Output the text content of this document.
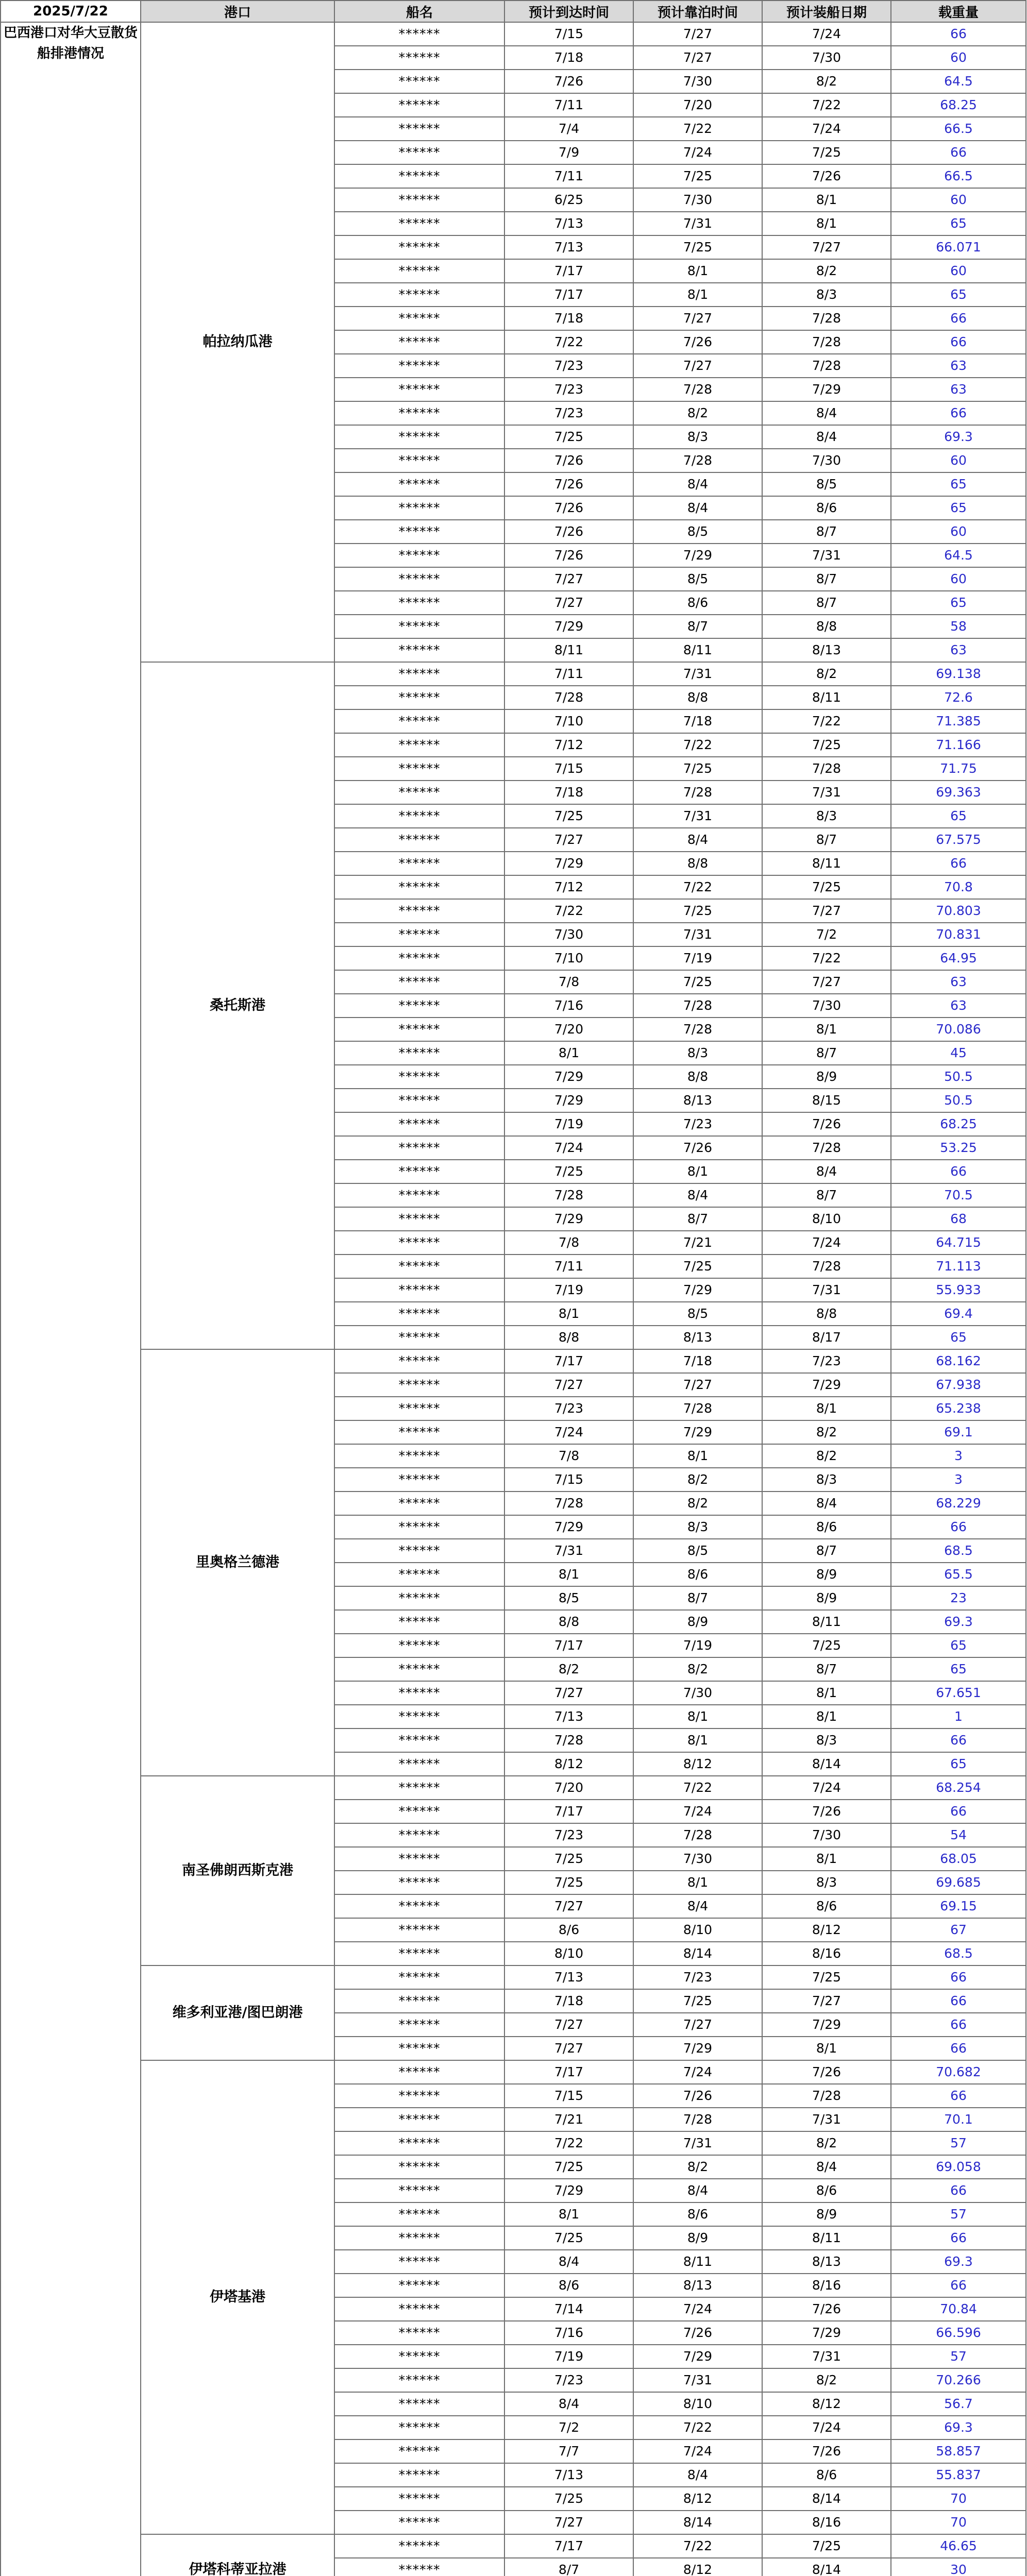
2025/7/22	港口	船名	预计到达时间	预计靠泊时间	预计装船日期	载重量
巴西港口对华大豆散货船排港情况	帕拉纳瓜港	******	7/15	7/27	7/24	66
		******	7/18	7/27	7/30	60
		******	7/26	7/30	8/2	64.5
		******	7/11	7/20	7/22	68.25
		******	7/4	7/22	7/24	66.5
		******	7/9	7/24	7/25	66
		******	7/11	7/25	7/26	66.5
		******	6/25	7/30	8/1	60
		******	7/13	7/31	8/1	65
		******	7/13	7/25	7/27	66.071
		******	7/17	8/1	8/2	60
		******	7/17	8/1	8/3	65
		******	7/18	7/27	7/28	66
		******	7/22	7/26	7/28	66
		******	7/23	7/27	7/28	63
		******	7/23	7/28	7/29	63
		******	7/23	8/2	8/4	66
		******	7/25	8/3	8/4	69.3
		******	7/26	7/28	7/30	60
		******	7/26	8/4	8/5	65
		******	7/26	8/4	8/6	65
		******	7/26	8/5	8/7	60
		******	7/26	7/29	7/31	64.5
		******	7/27	8/5	8/7	60
		******	7/27	8/6	8/7	65
		******	7/29	8/7	8/8	58
		******	8/11	8/11	8/13	63
	桑托斯港	******	7/11	7/31	8/2	69.138
		******	7/28	8/8	8/11	72.6
		******	7/10	7/18	7/22	71.385
		******	7/12	7/22	7/25	71.166
		******	7/15	7/25	7/28	71.75
		******	7/18	7/28	7/31	69.363
		******	7/25	7/31	8/3	65
		******	7/27	8/4	8/7	67.575
		******	7/29	8/8	8/11	66
		******	7/12	7/22	7/25	70.8
		******	7/22	7/25	7/27	70.803
		******	7/30	7/31	7/2	70.831
		******	7/10	7/19	7/22	64.95
		******	7/8	7/25	7/27	63
		******	7/16	7/28	7/30	63
		******	7/20	7/28	8/1	70.086
		******	8/1	8/3	8/7	45
		******	7/29	8/8	8/9	50.5
		******	7/29	8/13	8/15	50.5
		******	7/19	7/23	7/26	68.25
		******	7/24	7/26	7/28	53.25
		******	7/25	8/1	8/4	66
		******	7/28	8/4	8/7	70.5
		******	7/29	8/7	8/10	68
		******	7/8	7/21	7/24	64.715
		******	7/11	7/25	7/28	71.113
		******	7/19	7/29	7/31	55.933
		******	8/1	8/5	8/8	69.4
		******	8/8	8/13	8/17	65
	里奥格兰德港	******	7/17	7/18	7/23	68.162
		******	7/27	7/27	7/29	67.938
		******	7/23	7/28	8/1	65.238
		******	7/24	7/29	8/2	69.1
		******	7/8	8/1	8/2	3
		******	7/15	8/2	8/3	3
		******	7/28	8/2	8/4	68.229
		******	7/29	8/3	8/6	66
		******	7/31	8/5	8/7	68.5
		******	8/1	8/6	8/9	65.5
		******	8/5	8/7	8/9	23
		******	8/8	8/9	8/11	69.3
		******	7/17	7/19	7/25	65
		******	8/2	8/2	8/7	65
		******	7/27	7/30	8/1	67.651
		******	7/13	8/1	8/1	1
		******	7/28	8/1	8/3	66
		******	8/12	8/12	8/14	65
	南圣佛朗西斯克港	******	7/20	7/22	7/24	68.254
		******	7/17	7/24	7/26	66
		******	7/23	7/28	7/30	54
		******	7/25	7/30	8/1	68.05
		******	7/25	8/1	8/3	69.685
		******	7/27	8/4	8/6	69.15
		******	8/6	8/10	8/12	67
		******	8/10	8/14	8/16	68.5
	维多利亚港/图巴朗港	******	7/13	7/23	7/25	66
		******	7/18	7/25	7/27	66
		******	7/27	7/27	7/29	66
		******	7/27	7/29	8/1	66
	伊塔基港	******	7/17	7/24	7/26	70.682
		******	7/15	7/26	7/28	66
		******	7/21	7/28	7/31	70.1
		******	7/22	7/31	8/2	57
		******	7/25	8/2	8/4	69.058
		******	7/29	8/4	8/6	66
		******	8/1	8/6	8/9	57
		******	7/25	8/9	8/11	66
		******	8/4	8/11	8/13	69.3
		******	8/6	8/13	8/16	66
		******	7/14	7/24	7/26	70.84
		******	7/16	7/26	7/29	66.596
		******	7/19	7/29	7/31	57
		******	7/23	7/31	8/2	70.266
		******	8/4	8/10	8/12	56.7
		******	7/2	7/22	7/24	69.3
		******	7/7	7/24	7/26	58.857
		******	7/13	8/4	8/6	55.837
		******	7/25	8/12	8/14	70
		******	7/27	8/14	8/16	70
	伊塔科蒂亚拉港	******	7/17	7/22	7/25	46.65
		******	8/7	8/12	8/14	30
